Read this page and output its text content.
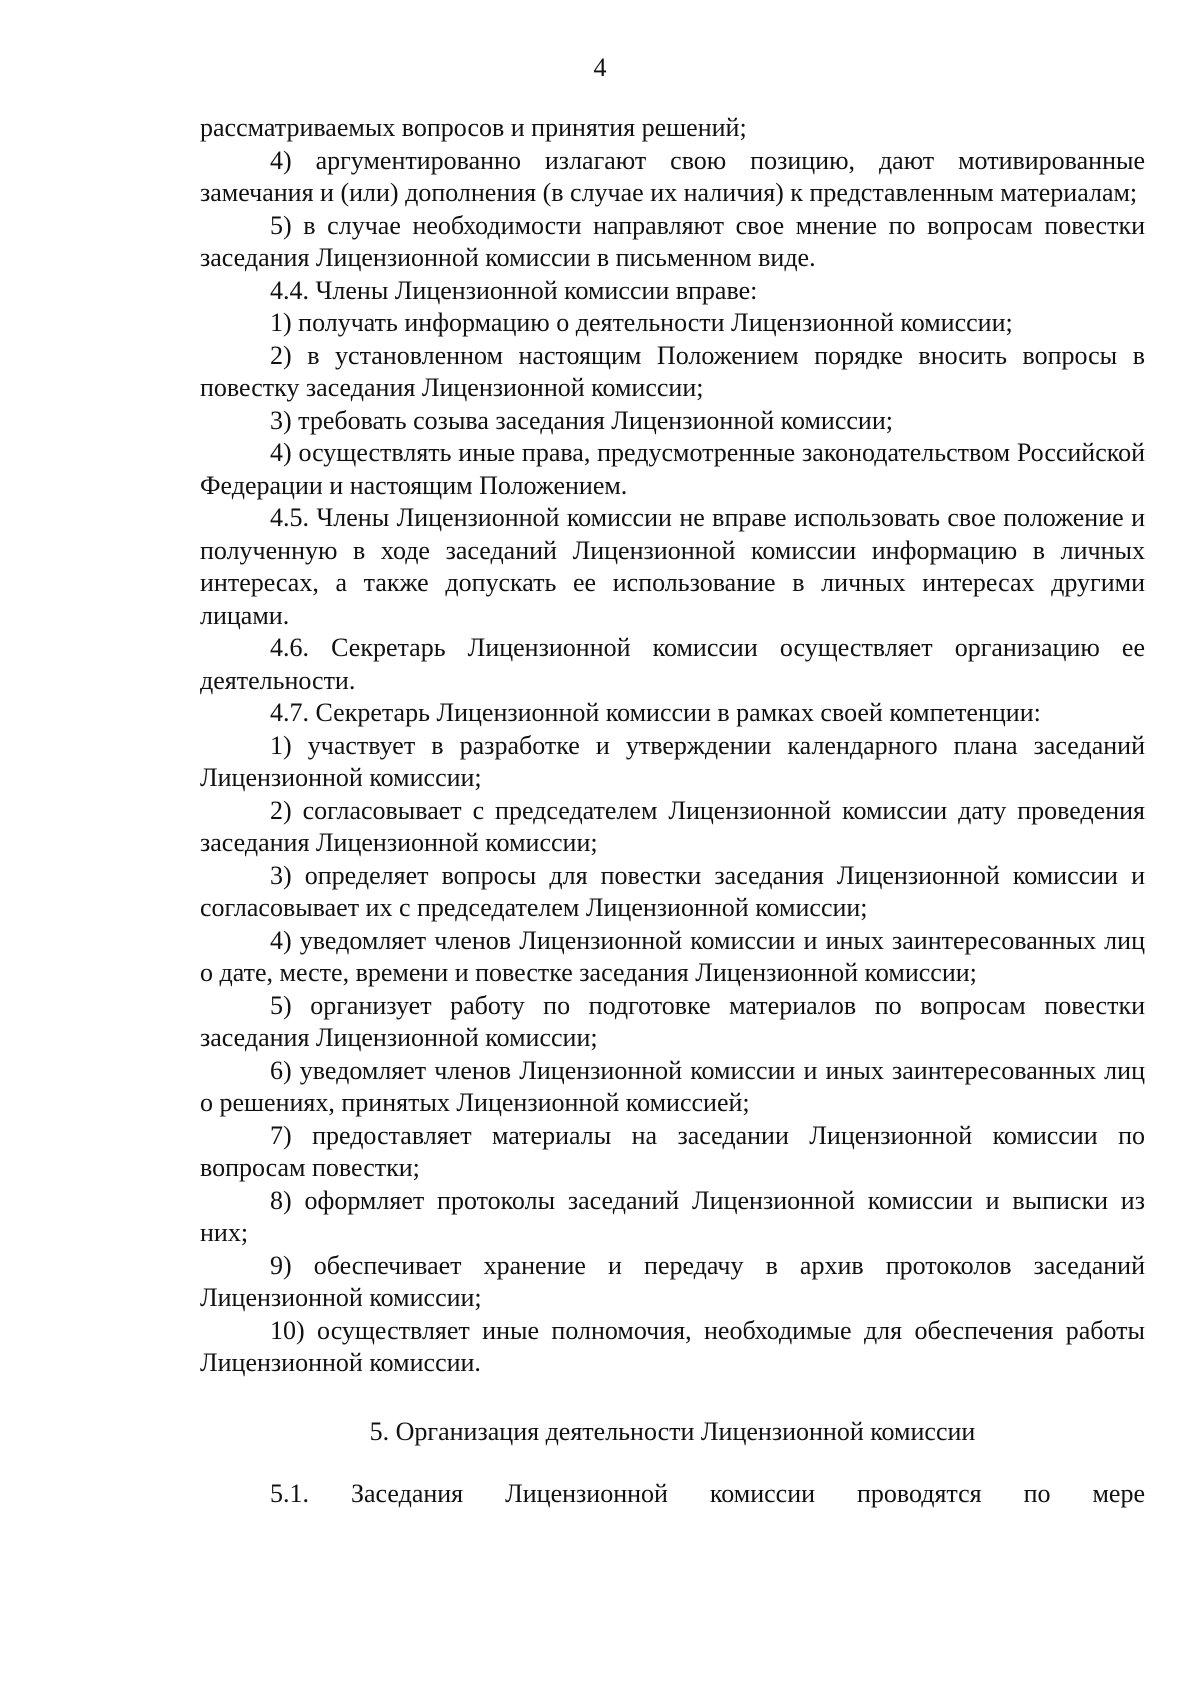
4

рассматриваемых вопросов и принятия решений;

4) аргументированно излагают свою позицию, дают мотивированные замечания и (или) дополнения (в случае их наличия) к представленным материалам;

5) в случае необходимости направляют свое мнение по вопросам повестки заседания Лицензионной комиссии в письменном виде.

4.4. Члены Лицензионной комиссии вправе:

1) получать информацию о деятельности Лицензионной комиссии;

2) в установленном настоящим Положением порядке вносить вопросы в повестку заседания Лицензионной комиссии;

3) требовать созыва заседания Лицензионной комиссии;

4) осуществлять иные права, предусмотренные законодательством Российской Федерации и настоящим Положением.

4.5. Члены Лицензионной комиссии не вправе использовать свое положение и полученную в ходе заседаний Лицензионной комиссии информацию в личных интересах, а также допускать ее использование в личных интересах другими лицами.

4.6. Секретарь Лицензионной комиссии осуществляет организацию ее деятельности.

4.7. Секретарь Лицензионной комиссии в рамках своей компетенции:

1) участвует в разработке и утверждении календарного плана заседаний Лицензионной комиссии;

2) согласовывает с председателем Лицензионной комиссии дату проведения заседания Лицензионной комиссии;

3) определяет вопросы для повестки заседания Лицензионной комиссии и согласовывает их с председателем Лицензионной комиссии;

4) уведомляет членов Лицензионной комиссии и иных заинтересованных лиц о дате, месте, времени и повестке заседания Лицензионной комиссии;

5) организует работу по подготовке материалов по вопросам повестки заседания Лицензионной комиссии;

6) уведомляет членов Лицензионной комиссии и иных заинтересованных лиц о решениях, принятых Лицензионной комиссией;

7) предоставляет материалы на заседании Лицензионной комиссии по вопросам повестки;

8) оформляет протоколы заседаний Лицензионной комиссии и выписки из них;

9) обеспечивает хранение и передачу в архив протоколов заседаний Лицензионной комиссии;

10) осуществляет иные полномочия, необходимые для обеспечения работы Лицензионной комиссии.

5. Организация деятельности Лицензионной комиссии

5.1. Заседания Лицензионной комиссии проводятся по мере
